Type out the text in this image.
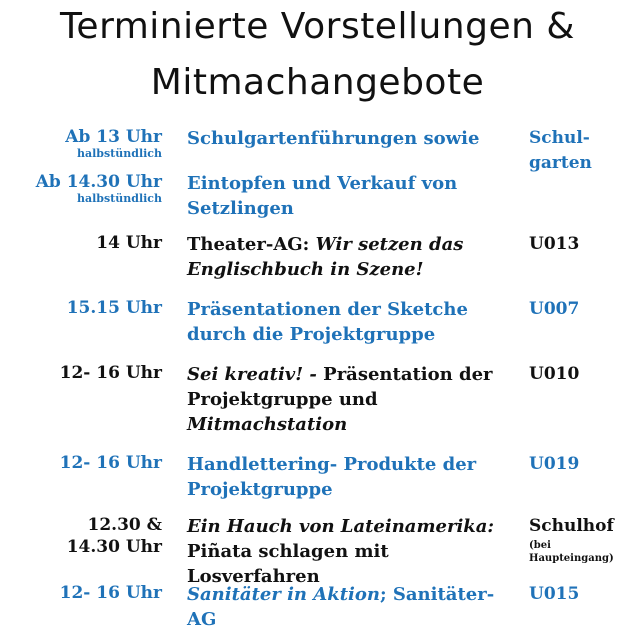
Terminierte Vorstellungen &
Mitmachangebote
Ab 13 Uhr
halbstündlich
Schulgartenführungen sowie	Schul-
garten
Ab 14.30 Uhr
halbstündlich
Eintopfen und Verkauf von
Setzlingen
14 Uhr Theater-AG: Wir setzen das
Englischbuch in Szene!
U013
15.15 Uhr Präsentationen der Sketche
durch die Projektgruppe
U007
12- 16 Uhr Sei kreativ! - Präsentation der
Projektgruppe und
Mitmachstation
U010
12- 16 Uhr Handlettering- Produkte der
Projektgruppe
U019
12.30 &
14.30 Uhr
Ein Hauch von Lateinamerika:
Piñata schlagen mit Losverfahren
Schulhof
(bei
Haupteingang)
12- 16 Uhr Sanitäter in Aktion; Sanitäter-AG
U015
